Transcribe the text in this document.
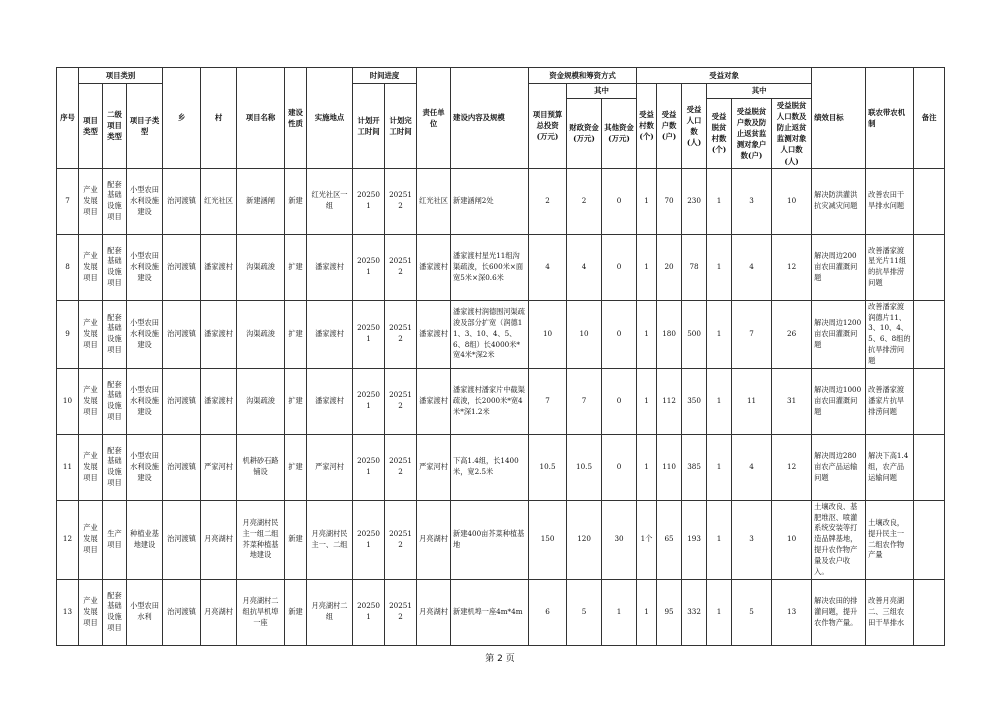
序号	项目类别			乡	村	项目名称	建设性质	实施地点	时间进度		责任单位	建设内容及规模	资金规模和筹资方式			受益对象						绩效目标	联农带农机制	备注
	项目类型	二级项目类型	项目子类型						计划开工时间	计划完工时间			项目预算总投资(万元)	其中		受益村数(个)	受益户数(户)	受益人口数(人)	其中					
														财政资金(万元)	其他资金(万元)				受益脱贫村数(个)	受益脱贫户数及防止返贫监测对象户数(户)	受益脱贫人口数及防止返贫监测对象人口数(人)			
7	产业发展项目	配套基础设施项目	小型农田水利设施建设	治河渡镇	红光社区	新建涵闸	新建	红光社区一组	202501	202512	红光社区	新建涵闸2处	2	2	0	1	70	230	1	3	10	解决防洪灌洪抗灾减灾问题	改善农田干旱排水问题	
8	产业发展项目	配套基础设施项目	小型农田水利设施建设	治河渡镇	潘家渡村	沟渠疏浚	扩建	潘家渡村	202501	202512	潘家渡村	潘家渡村星光11组沟渠疏浚，长600米×面宽5米×深0.6米	4	4	0	1	20	78	1	4	12	解决周边200亩农田灌溉问题	改善潘家渡星光片11组的抗旱排涝问题	
9	产业发展项目	配套基础设施项目	小型农田水利设施建设	治河渡镇	潘家渡村	沟渠疏浚	扩建	潘家渡村	202501	202512	潘家渡村	潘家渡村润德围河渠疏浚及部分扩宽（润德11、3、10、4、5、6、8组）长4000米*宽4米*深2米	10	10	0	1	180	500	1	7	26	解决周边1200亩农田灌溉问题	改善潘家渡润德片11、3、10、4、5、6、8组的抗旱排涝问题	
10	产业发展项目	配套基础设施项目	小型农田水利设施建设	治河渡镇	潘家渡村	沟渠疏浚	扩建	潘家渡村	202501	202512	潘家渡村	潘家渡村潘家片中截渠疏浚，长2000米*宽4米*深1.2米	7	7	0	1	112	350	1	11	31	解决周边1000亩农田灌溉问题	改善潘家渡潘家片抗旱排涝问题	
11	产业发展项目	配套基础设施项目	小型农田水利设施建设	治河渡镇	严家河村	机耕砂石路铺设	扩建	严家河村	202501	202512	严家河村	下高1.4组，长1400米，宽2.5米	10.5	10.5	0	1	110	385	1	4	12	解决周边280亩农产品运输问题	解决下高1.4组，农产品运输问题	
12	产业发展项目	生产项目	种植业基地建设	治河渡镇	月亮湖村	月亮湖村民主一组二组芥菜种植基地建设	新建	月亮湖村民主一、二组	202501	202512	月亮湖村	新建400亩芥菜种植基地	150	120	30	1个	65	193	1	3	10	土壤改良、基肥堆沤、喷灌系统安装等打造品牌基地，提升农作物产量及农户收入。	土壤改良，提升民主一二组农作物产量	
13	产业发展项目	配套基础设施项目	小型农田水利	治河渡镇	月亮湖村	月亮湖村二组抗旱机埠一座	新建	月亮湖村二组	202501	202512	月亮湖村	新建机埠一座4m*4m	6	5	1	1	95	332	1	5	13	解决农田的排灌问题，提升农作物产量。	改善月亮湖二、三组农田干旱排水	
第 2 页
